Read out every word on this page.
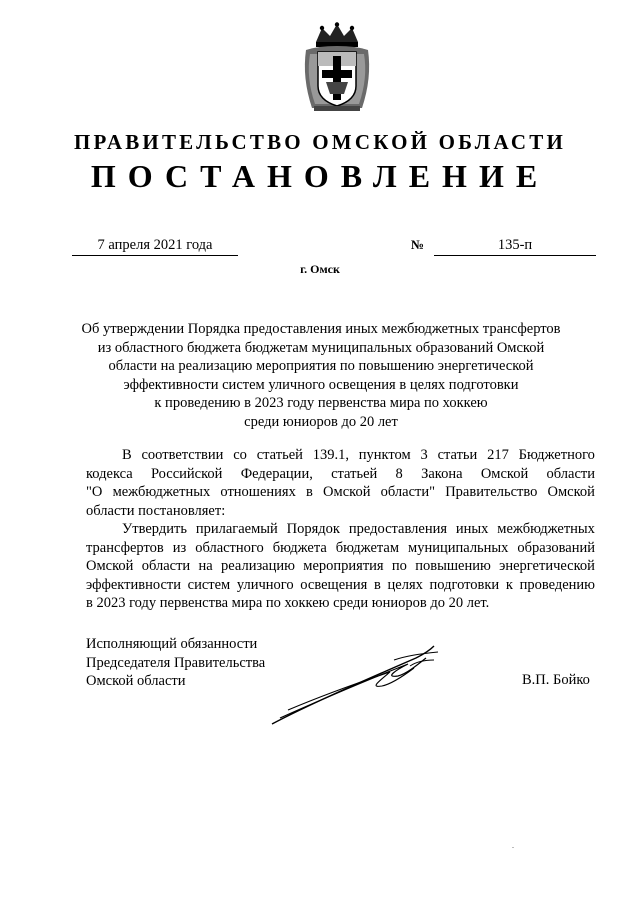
ПРАВИТЕЛЬСТВО ОМСКОЙ ОБЛАСТИ
ПОСТАНОВЛЕНИЕ
7 апреля 2021 года	№	135-п
г. Омск
Об утверждении Порядка предоставления иных межбюджетных трансфертов
из областного бюджета бюджетам муниципальных образований Омской
области на реализацию мероприятия по повышению энергетической
эффективности систем уличного освещения в целях подготовки
к проведению в 2023 году первенства мира по хоккею
среди юниоров до 20 лет
В соответствии со статьей 139.1, пунктом 3 статьи 217 Бюджетного
кодекса Российской Федерации, статьей 8 Закона Омской области
"О межбюджетных отношениях в Омской области" Правительство Омской
области постановляет:
Утвердить прилагаемый Порядок предоставления иных межбюджетных
трансфертов из областного бюджета бюджетам муниципальных образований
Омской области на реализацию мероприятия по повышению энергетической
эффективности систем уличного освещения в целях подготовки к проведению
в 2023 году первенства мира по хоккею среди юниоров до 20 лет.
Исполняющий обязанности
Председателя Правительства
Омской области	В.П. Бойко
